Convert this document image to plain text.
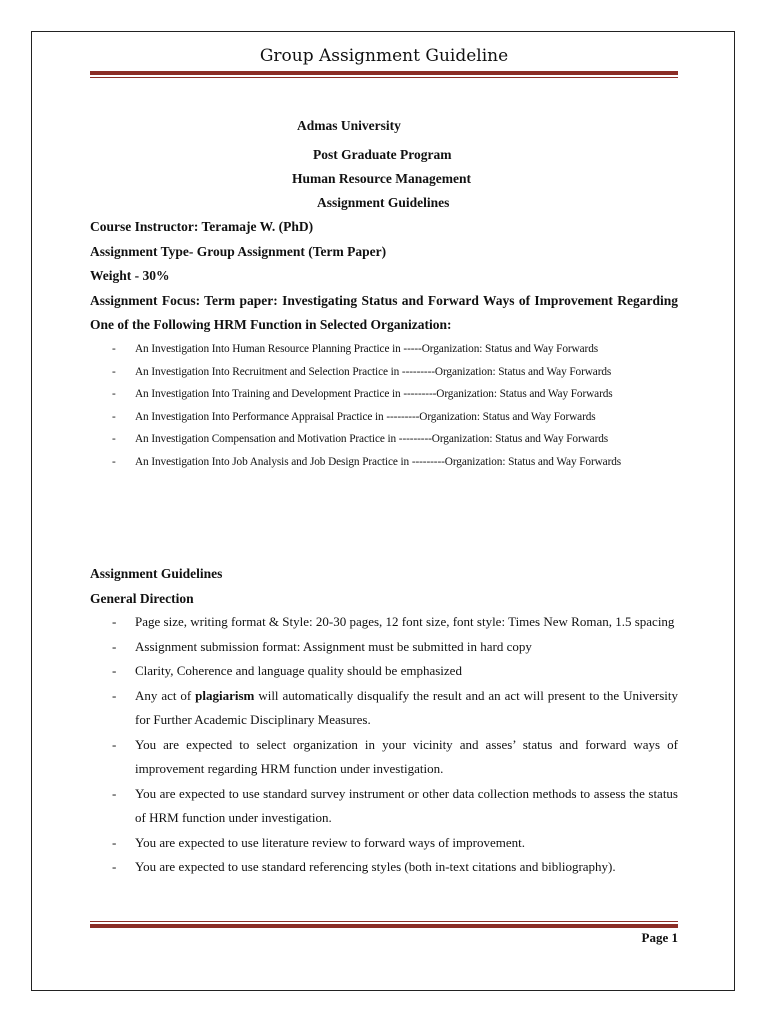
Group Assignment Guideline
Admas University
Post Graduate Program
Human Resource Management
Assignment Guidelines
Course Instructor: Teramaje W. (PhD)
Assignment Type- Group Assignment (Term Paper)
Weight - 30%
Assignment Focus: Term paper: Investigating Status and Forward Ways of Improvement Regarding One of the Following HRM Function in Selected Organization:
- An Investigation Into Human Resource Planning Practice in -----Organization: Status and Way Forwards
- An Investigation Into Recruitment and Selection Practice in ---------Organization: Status and Way Forwards
- An Investigation Into Training and Development Practice in ---------Organization: Status and Way Forwards
- An Investigation Into Performance Appraisal Practice in ---------Organization: Status and Way Forwards
- An Investigation Compensation and Motivation Practice in ---------Organization: Status and Way Forwards
- An Investigation Into Job Analysis and Job Design Practice in ---------Organization: Status and Way Forwards
Assignment Guidelines
General Direction
- Page size, writing format & Style: 20-30 pages, 12 font size, font style: Times New Roman, 1.5 spacing
- Assignment submission format: Assignment must be submitted in hard copy
- Clarity, Coherence and language quality should be emphasized
- Any act of plagiarism will automatically disqualify the result and an act will present to the University for Further Academic Disciplinary Measures.
- You are expected to select organization in your vicinity and asses’ status and forward ways of improvement regarding HRM function under investigation.
- You are expected to use standard survey instrument or other data collection methods to assess the status of HRM function under investigation.
- You are expected to use literature review to forward ways of improvement.
- You are expected to use standard referencing styles (both in-text citations and bibliography).
Page 1
